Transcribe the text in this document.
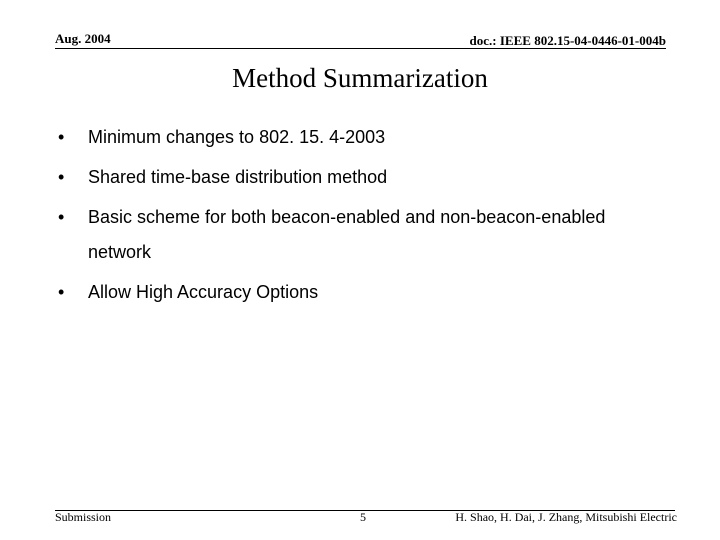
Aug. 2004	doc.: IEEE 802.15-04-0446-01-004b
Method Summarization
• Minimum changes to 802. 15. 4-2003
• Shared time-base distribution method
• Basic scheme for both beacon-enabled and non-beacon-enabled network
• Allow High Accuracy Options
Submission	5	H. Shao, H. Dai, J. Zhang, Mitsubishi Electric
